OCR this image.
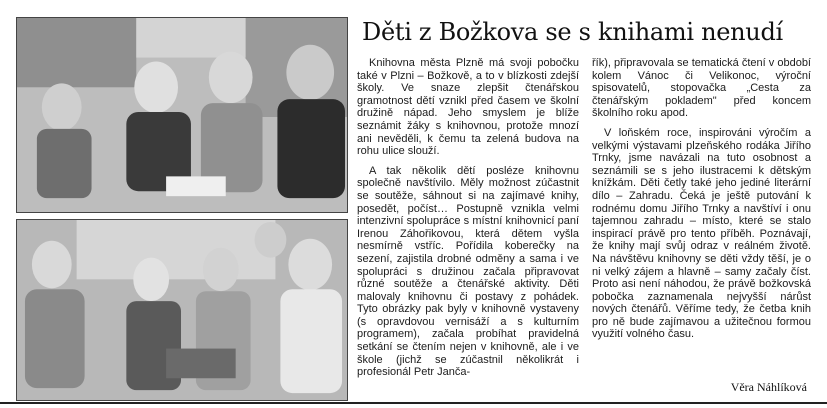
Děti z Božkova se s knihami nenudí

Knihovna města Plzně má svoji pobočku také v Plzni – Božkově, a to v blízkosti zdejší školy. Ve snaze zlepšit čtenářskou gramotnost dětí vznikl před časem ve školní družině nápad. Jeho smyslem je blíže seznámit žáky s knihovnou, protože mnozí ani nevěděli, k čemu ta zelená budova na rohu ulice slouží.

A tak několik dětí posléze knihovnu společně navštívilo. Měly možnost zúčastnit se soutěže, sáhnout si na zajímavé knihy, posedět, počíst… Postupně vznikla velmi intenzivní spolupráce s místní knihovnicí paní Irenou Záhořikovou, která dětem vyšla nesmírně vstříc. Pořídila koberečky na sezení, zajistila drobné odměny a sama i ve spolupráci s družinou začala připravovat různé soutěže a čtenářské aktivity. Děti malovaly knihovnu či postavy z pohádek. Tyto obrázky pak byly v knihovně vystaveny (s opravdovou vernisáží a s kulturním programem), začala probíhat pravidelná setkání se čtením nejen v knihovně, ale i ve škole (jichž se zúčastnil několikrát i profesionál Petr Janča-

řík), připravovala se tematická čtení v období kolem Vánoc či Velikonoc, výroční spisovatelů, stopovačka „Cesta za čtenářským pokladem" před koncem školního roku apod.

V loňském roce, inspirováni výročím a velkými výstavami plzeňského rodáka Jiřího Trnky, jsme navázali na tuto osobnost a seznámili se s jeho ilustracemi k dětským knížkám. Děti četly také jeho jediné literární dílo – Zahradu. Čeká je ještě putování k rodnému domu Jiřího Trnky a navštíví i onu tajemnou zahradu – místo, které se stalo inspirací právě pro tento příběh. Poznávají, že knihy mají svůj odraz v reálném životě. Na návštěvu knihovny se děti vždy těší, je o ni velký zájem a hlavně – samy začaly číst. Proto asi není náhodou, že právě božkovská pobočka zaznamenala nejvyšší nárůst nových čtenářů. Věříme tedy, že četba knih pro ně bude zajímavou a užitečnou formou využití volného času.

Věra Náhlíková
